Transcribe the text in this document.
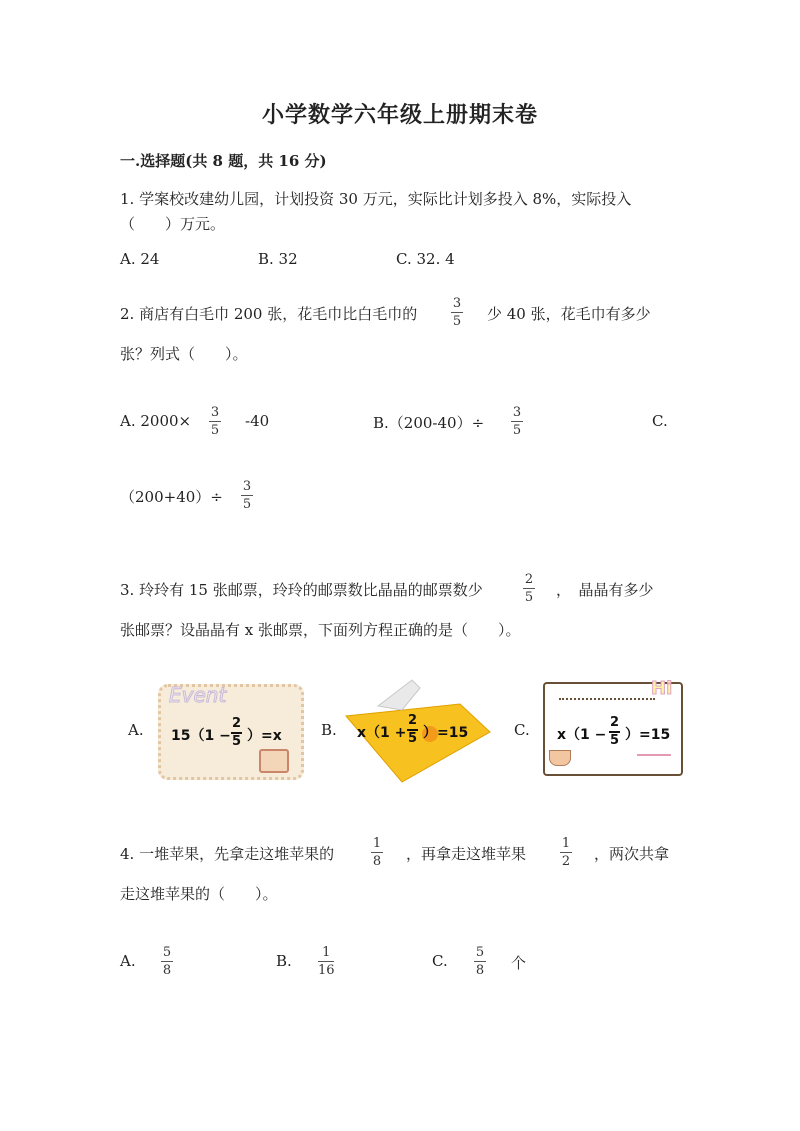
小学数学六年级上册期末卷
一.选择题(共 8 题，共 16 分)
1. 学案校改建幼儿园，计划投资 30 万元，实际比计划多投入 8%，实际投入
（　　）万元。
A. 24	B. 32	C. 32. 4
2. 商店有白毛巾 200 张，花毛巾比白毛巾的
3
5 少 40 张，花毛巾有多少
张？列式（　　）。
A. 2000× 3
5
-40	B.（200-40）÷
3
5
C.
（200+40）÷
3
5
3. 玲玲有 15 张邮票，玲玲的邮票数比晶晶的邮票数少
2
5 ，　晶晶有多少
张邮票？设晶晶有 x 张邮票，下面列方程正确的是（　　）。
A.
Event
15（1 −
2
5 ）=x	B. x（1 +
2
5 ）=15	C.
Hi
x（1 −
2
5 ）=15
4. 一堆苹果，先拿走这堆苹果的
1
8 ，再拿走这堆苹果
1
2 ，两次共拿
走这堆苹果的（　　）。
A. 5
8
B. 1
16
C. 5
8 个
